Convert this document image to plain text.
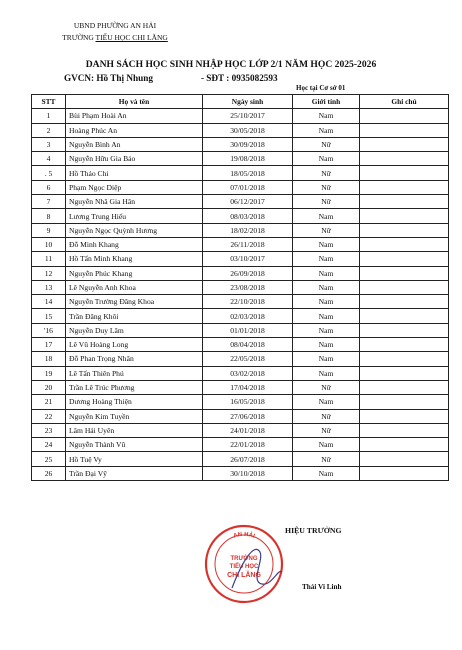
UBND PHƯỜNG AN HẢI
TRƯỜNG TIỂU HỌC CHI LĂNG
DANH SÁCH HỌC SINH NHẬP HỌC LỚP 2/1 NĂM HỌC 2025-2026
GVCN: Hồ Thị Nhung	- SĐT : 0935082593
Học tại Cơ sở 01
STT	Họ và tên	Ngày sinh	Giới tính	Ghi chú
1	Bùi Phạm Hoài An	25/10/2017	Nam	
2	Hoàng Phúc An	30/05/2018	Nam	
3	Nguyễn Bình An	30/09/2018	Nữ	
4	Nguyễn Hữu Gia Bảo	19/08/2018	Nam	
. 5	Hồ Thảo Chi	18/05/2018	Nữ	
6	Phạm Ngọc Diệp	07/01/2018	Nữ	
7	Nguyễn Nhã Gia Hân	06/12/2017	Nữ	
8	Lương Trung Hiếu	08/03/2018	Nam	
9	Nguyễn Ngọc Quỳnh Hương	18/02/2018	Nữ	
10	Đỗ Minh Khang	26/11/2018	Nam	
11	Hồ Tấn Minh Khang	03/10/2017	Nam	
12	Nguyễn Phúc Khang	26/09/2018	Nam	
13	Lê Nguyễn Anh Khoa	23/08/2018	Nam	
14	Nguyễn Trường Đăng Khoa	22/10/2018	Nam	
15	Trần Đăng Khôi	02/03/2018	Nam	
'16	Nguyễn Duy Lâm	01/01/2018	Nam	
17	Lê Vũ Hoàng Long	08/04/2018	Nam	
18	Đỗ Phan Trọng Nhân	22/05/2018	Nam	
19	Lê Tấn Thiên Phú	03/02/2018	Nam	
20	Trần Lê Trúc Phương	17/04/2018	Nữ	
21	Dương Hoàng Thiện	16/05/2018	Nam	
22	Nguyễn Kim Tuyền	27/06/2018	Nữ	
23	Lâm Hải Uyên	24/01/2018	Nữ	
24	Nguyễn Thành Vũ	22/01/2018	Nam	
25	Hồ Tuệ Vy	26/07/2018	Nữ	
26	Trần Đại Vỹ	30/10/2018	Nam	
AN HẢI
TRƯỜNG
TIỂU HỌC
CHI LĂNG
HIỆU TRƯỞNG
Thái Vi Linh
